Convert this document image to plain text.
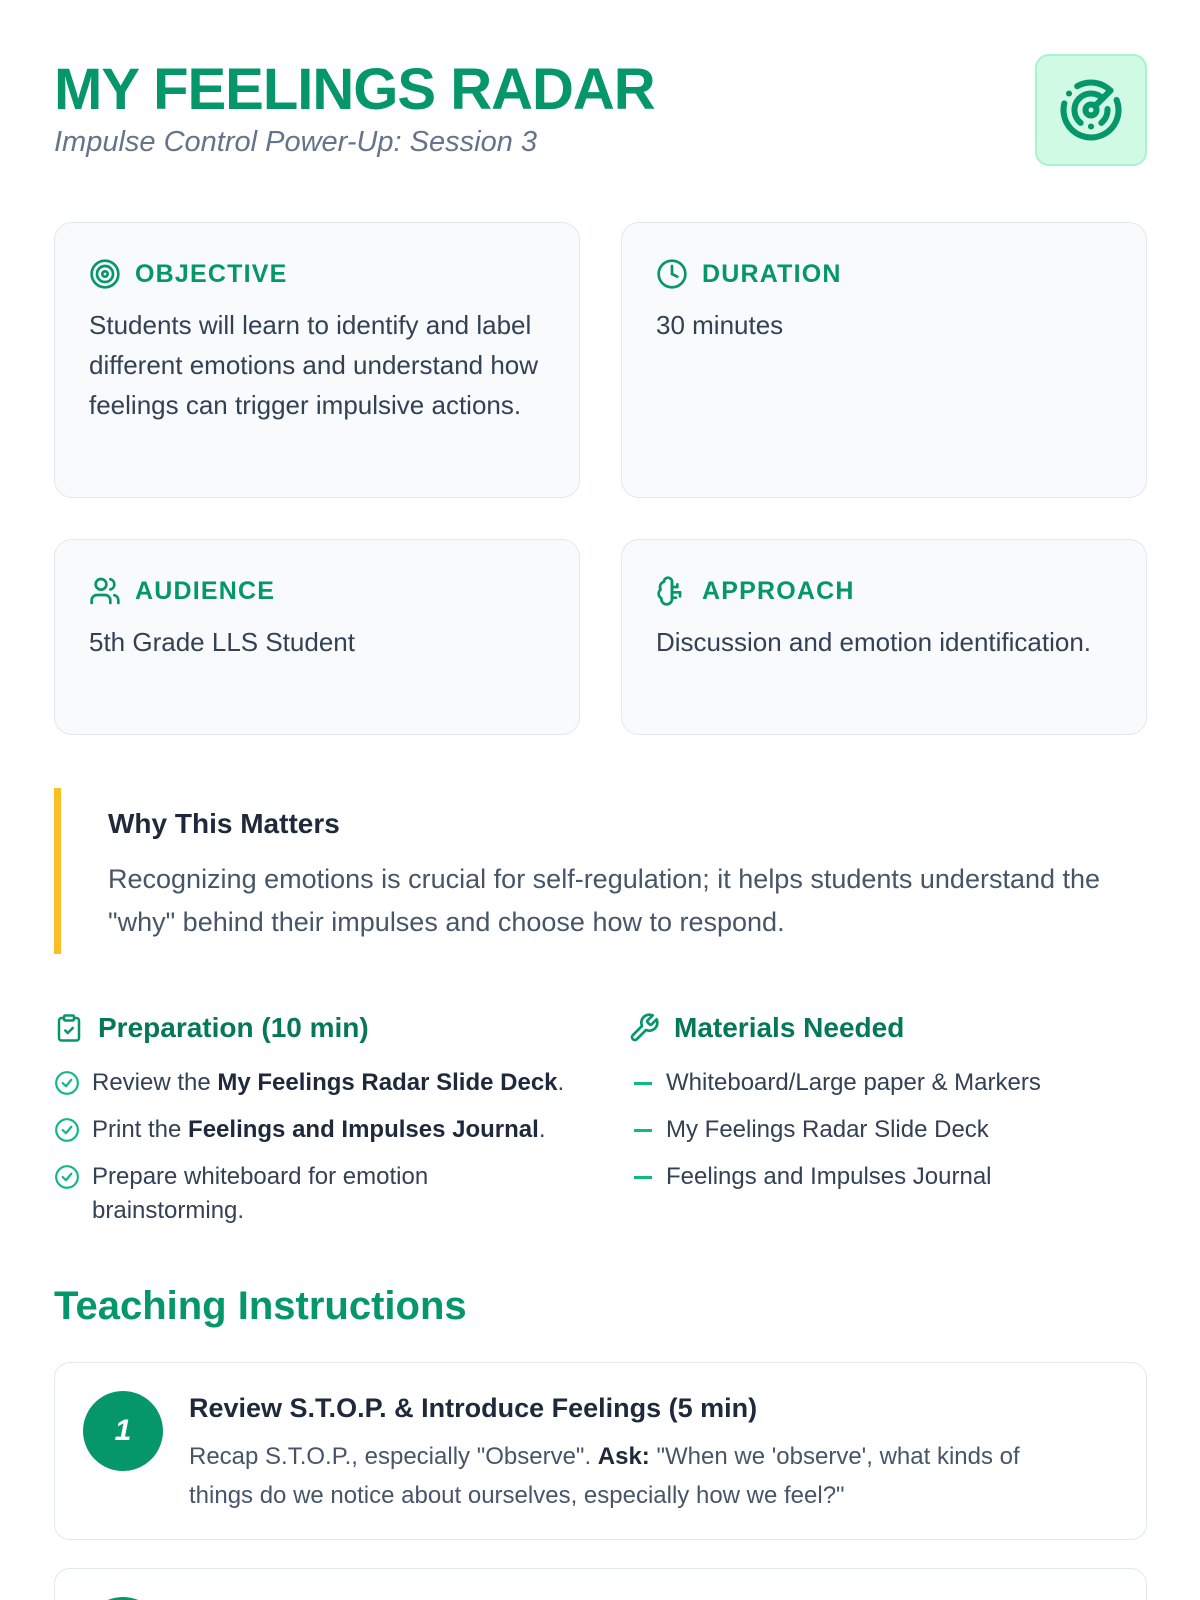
MY FEELINGS RADAR
Impulse Control Power-Up: Session 3
OBJECTIVE
Students will learn to identify and label different emotions and understand how feelings can trigger impulsive actions.
DURATION
30 minutes
AUDIENCE
5th Grade LLS Student
APPROACH
Discussion and emotion identification.
Why This Matters
Recognizing emotions is crucial for self-regulation; it helps students understand the "why" behind their impulses and choose how to respond.
Preparation (10 min)
Review the My Feelings Radar Slide Deck.
Print the Feelings and Impulses Journal.
Prepare whiteboard for emotion brainstorming.
Materials Needed
Whiteboard/Large paper & Markers
My Feelings Radar Slide Deck
Feelings and Impulses Journal
Teaching Instructions
1
Review S.T.O.P. & Introduce Feelings (5 min)
Recap S.T.O.P., especially "Observe". Ask: "When we 'observe', what kinds of things do we notice about ourselves, especially how we feel?"
